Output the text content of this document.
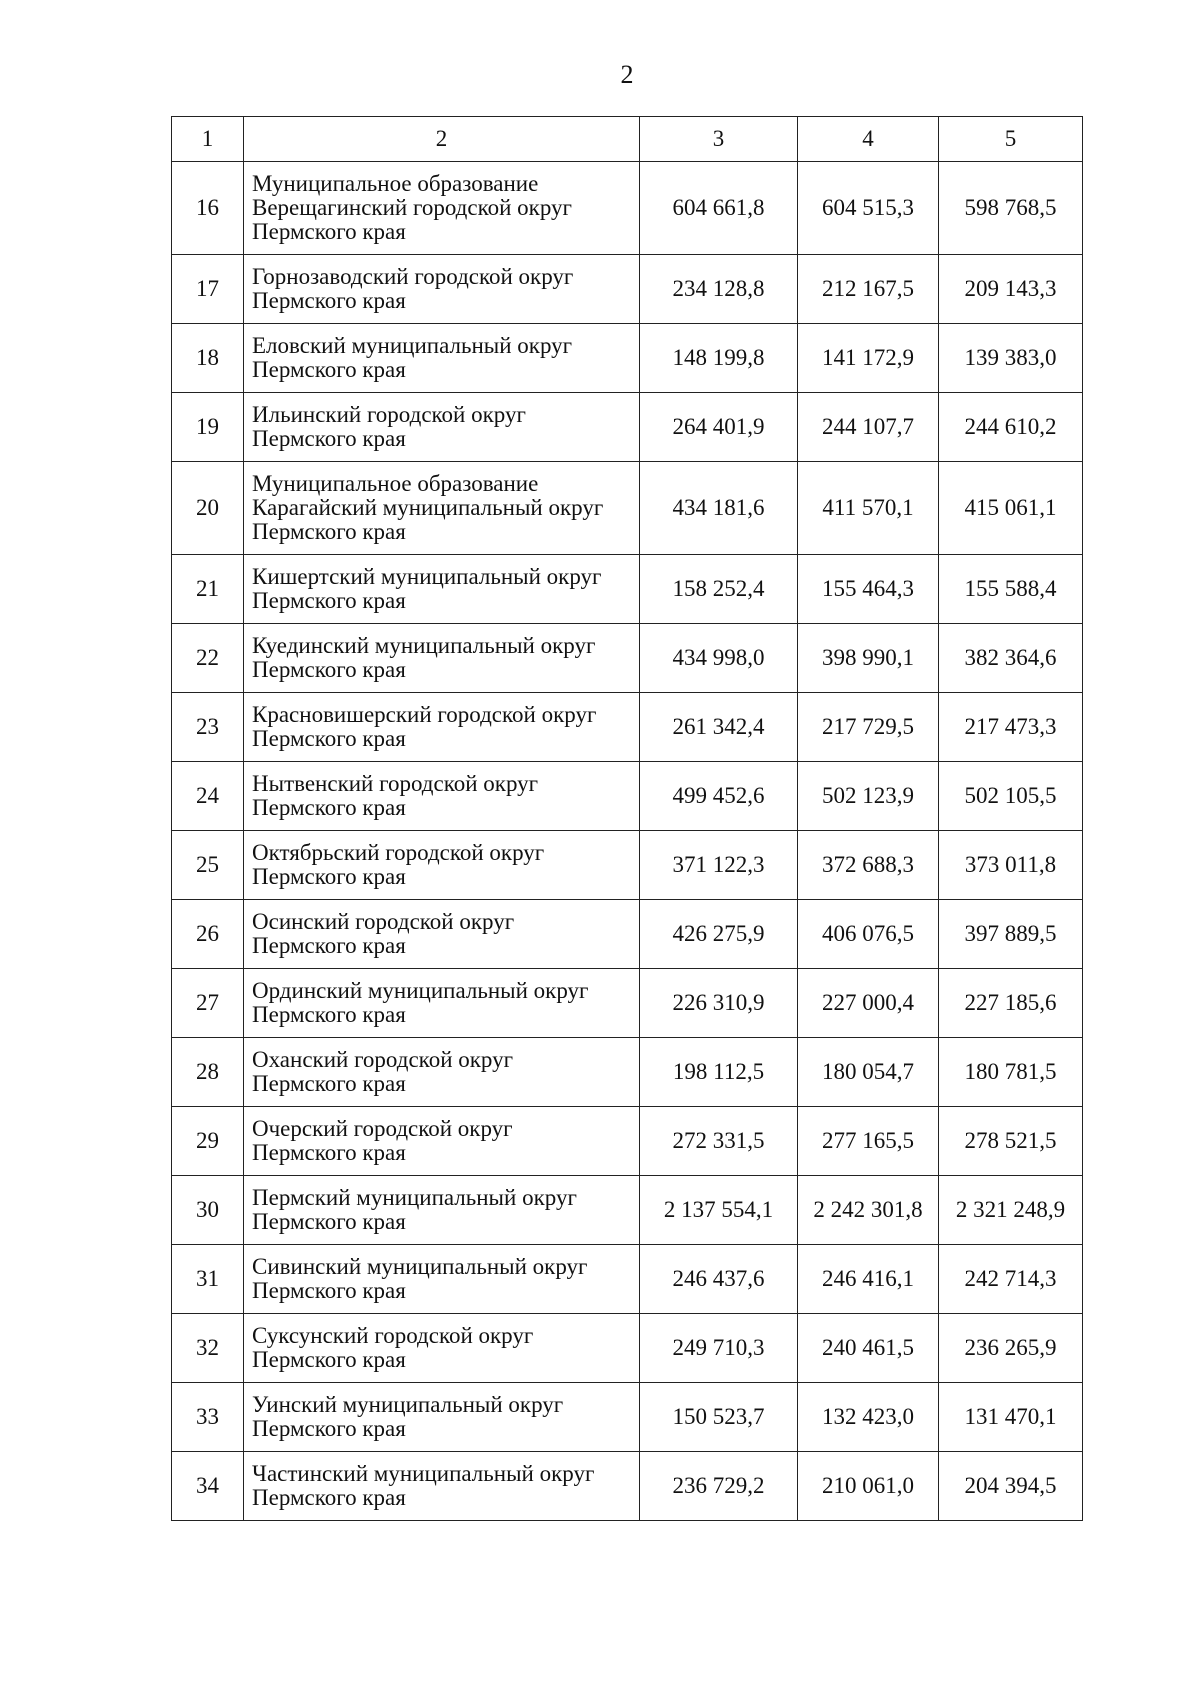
2
1	2	3	4	5
16	Муниципальное образование
Верещагинский городской округ
Пермского края	604 661,8	604 515,3	598 768,5
17	Горнозаводский городской округ
Пермского края	234 128,8	212 167,5	209 143,3
18	Еловский муниципальный округ
Пермского края	148 199,8	141 172,9	139 383,0
19	Ильинский городской округ
Пермского края	264 401,9	244 107,7	244 610,2
20	Муниципальное образование
Карагайский муниципальный округ
Пермского края	434 181,6	411 570,1	415 061,1
21	Кишертский муниципальный округ
Пермского края	158 252,4	155 464,3	155 588,4
22	Куединский муниципальный округ
Пермского края	434 998,0	398 990,1	382 364,6
23	Красновишерский городской округ
Пермского края	261 342,4	217 729,5	217 473,3
24	Нытвенский городской округ
Пермского края	499 452,6	502 123,9	502 105,5
25	Октябрьский городской округ
Пермского края	371 122,3	372 688,3	373 011,8
26	Осинский городской округ
Пермского края	426 275,9	406 076,5	397 889,5
27	Ординский муниципальный округ
Пермского края	226 310,9	227 000,4	227 185,6
28	Оханский городской округ
Пермского края	198 112,5	180 054,7	180 781,5
29	Очерский городской округ
Пермского края	272 331,5	277 165,5	278 521,5
30	Пермский муниципальный округ
Пермского края	2 137 554,1	2 242 301,8	2 321 248,9
31	Сивинский муниципальный округ
Пермского края	246 437,6	246 416,1	242 714,3
32	Суксунский городской округ
Пермского края	249 710,3	240 461,5	236 265,9
33	Уинский муниципальный округ
Пермского края	150 523,7	132 423,0	131 470,1
34	Частинский муниципальный округ
Пермского края	236 729,2	210 061,0	204 394,5
